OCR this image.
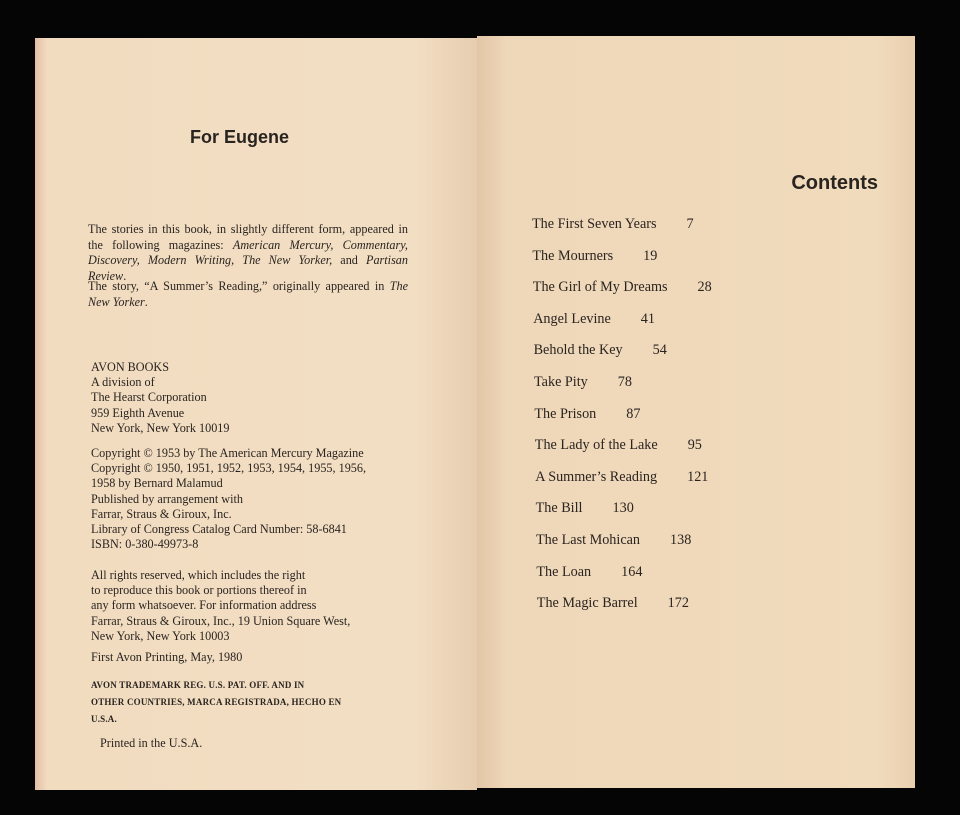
For Eugene
The stories in this book, in slightly different form, appeared in the following magazines: American Mercury, Commentary, Discovery, Modern Writing, The New Yorker, and Partisan Review.
The story, “A Summer’s Reading,” originally appeared in The New Yorker.
AVON BOOKS
A division of
The Hearst Corporation
959 Eighth Avenue
New York, New York 10019
Copyright © 1953 by The American Mercury Magazine
Copyright © 1950, 1951, 1952, 1953, 1954, 1955, 1956,
1958 by Bernard Malamud
Published by arrangement with
Farrar, Straus & Giroux, Inc.
Library of Congress Catalog Card Number: 58-6841
ISBN: 0-380-49973-8
All rights reserved, which includes the right
to reproduce this book or portions thereof in
any form whatsoever. For information address
Farrar, Straus & Giroux, Inc., 19 Union Square West,
New York, New York 10003
First Avon Printing, May, 1980
AVON TRADEMARK REG. U.S. PAT. OFF. AND IN
OTHER COUNTRIES, MARCA REGISTRADA, HECHO EN
U.S.A.
Printed in the U.S.A.
Contents
The First Seven Years 7
The Mourners 19
The Girl of My Dreams 28
Angel Levine 41
Behold the Key 54
Take Pity 78
The Prison 87
The Lady of the Lake 95
A Summer’s Reading 121
The Bill 130
The Last Mohican 138
The Loan 164
The Magic Barrel 172
